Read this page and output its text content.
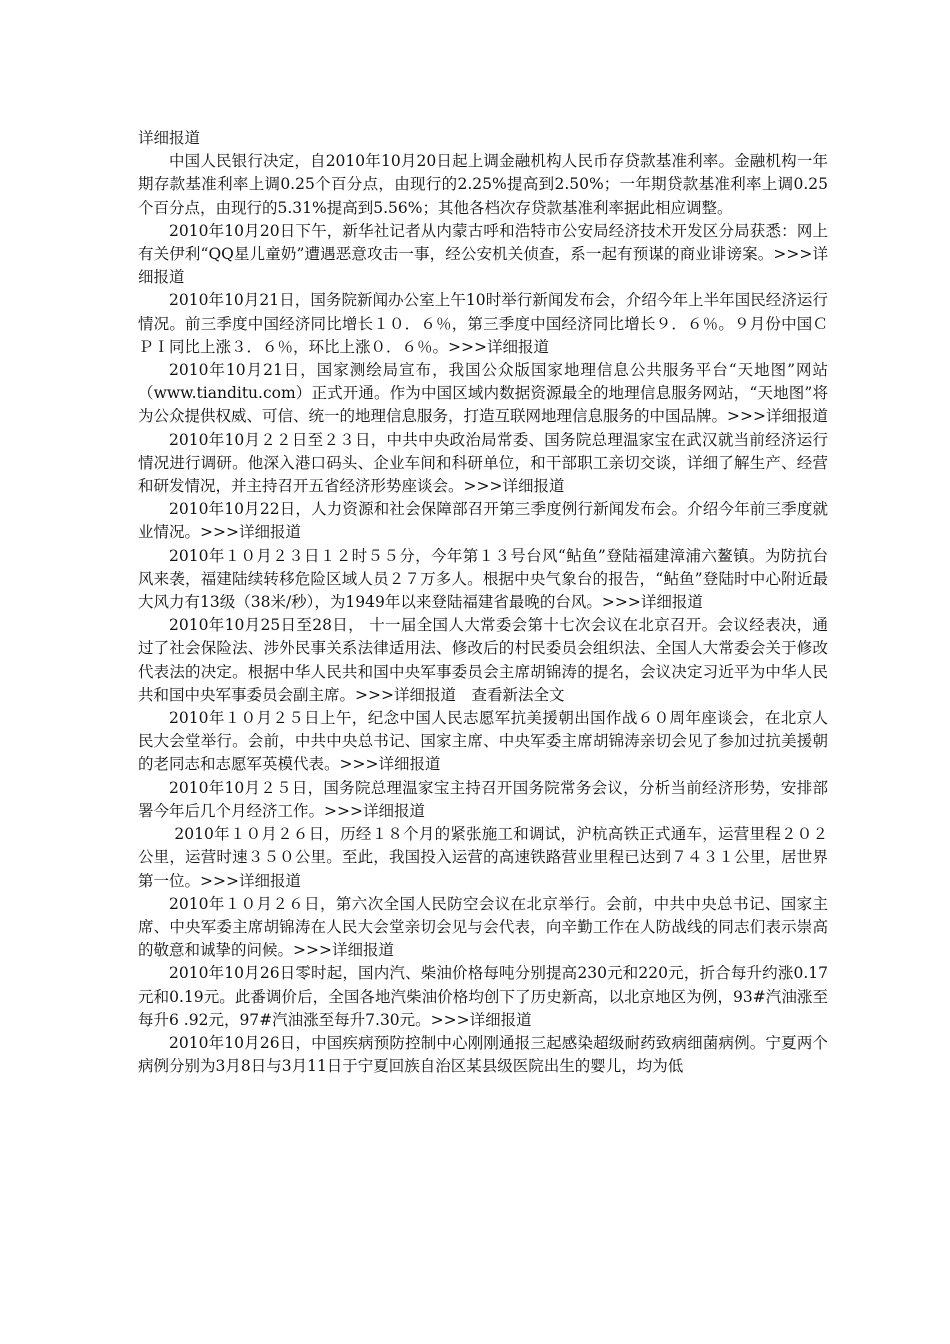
详细报道

中国人民银行决定，自2010年10月20日起上调金融机构人民币存贷款基准利率。金融机构一年期存款基准利率上调0.25个百分点，由现行的2.25%提高到2.50%；一年期贷款基准利率上调0.25个百分点，由现行的5.31%提高到5.56%；其他各档次存贷款基准利率据此相应调整。

2010年10月20日下午，新华社记者从内蒙古呼和浩特市公安局经济技术开发区分局获悉：网上有关伊利“QQ星儿童奶”遭遇恶意攻击一事，经公安机关侦查，系一起有预谋的商业诽谤案。>>>详细报道

2010年10月21日，国务院新闻办公室上午10时举行新闻发布会，介绍今年上半年国民经济运行情况。前三季度中国经济同比增长１０．６％，第三季度中国经济同比增长９．６％。９月份中国ＣＰＩ同比上涨３．６％，环比上涨０．６％。>>>详细报道

2010年10月21日，国家测绘局宣布，我国公众版国家地理信息公共服务平台“天地图”网站（www.tianditu.com）正式开通。作为中国区域内数据资源最全的地理信息服务网站，“天地图”将为公众提供权威、可信、统一的地理信息服务，打造互联网地理信息服务的中国品牌。>>>详细报道

2010年10月２２日至２３日，中共中央政治局常委、国务院总理温家宝在武汉就当前经济运行情况进行调研。他深入港口码头、企业车间和科研单位，和干部职工亲切交谈，详细了解生产、经营和研发情况，并主持召开五省经济形势座谈会。>>>详细报道

2010年10月22日，人力资源和社会保障部召开第三季度例行新闻发布会。介绍今年前三季度就业情况。>>>详细报道

2010年１０月２３日１２时５５分，今年第１３号台风“鲇鱼”登陆福建漳浦六鳌镇。为防抗台风来袭，福建陆续转移危险区域人员２７万多人。根据中央气象台的报告，“鲇鱼”登陆时中心附近最大风力有13级（38米/秒），为1949年以来登陆福建省最晚的台风。>>>详细报道

2010年10月25日至28日， 十一届全国人大常委会第十七次会议在北京召开。会议经表决，通过了社会保险法、涉外民事关系法律适用法、修改后的村民委员会组织法、全国人大常委会关于修改代表法的决定。根据中华人民共和国中央军事委员会主席胡锦涛的提名，会议决定习近平为中华人民共和国中央军事委员会副主席。>>>详细报道　查看新法全文

2010年１０月２５日上午，纪念中国人民志愿军抗美援朝出国作战６０周年座谈会，在北京人民大会堂举行。会前，中共中央总书记、国家主席、中央军委主席胡锦涛亲切会见了参加过抗美援朝的老同志和志愿军英模代表。>>>详细报道

2010年10月２５日，国务院总理温家宝主持召开国务院常务会议，分析当前经济形势，安排部署今年后几个月经济工作。>>>详细报道

2010年１０月２６日，历经１８个月的紧张施工和调试，沪杭高铁正式通车，运营里程２０２公里，运营时速３５０公里。至此，我国投入运营的高速铁路营业里程已达到７４３１公里，居世界第一位。>>>详细报道

2010年１０月２６日，第六次全国人民防空会议在北京举行。会前，中共中央总书记、国家主席、中央军委主席胡锦涛在人民大会堂亲切会见与会代表，向辛勤工作在人防战线的同志们表示崇高的敬意和诚挚的问候。>>>详细报道

2010年10月26日零时起，国内汽、柴油价格每吨分别提高230元和220元，折合每升约涨0.17元和0.19元。此番调价后，全国各地汽柴油价格均创下了历史新高，以北京地区为例，93#汽油涨至每升6 .92元，97#汽油涨至每升7.30元。>>>详细报道

2010年10月26日，中国疾病预防控制中心刚刚通报三起感染超级耐药致病细菌病例。宁夏两个病例分别为3月8日与3月11日于宁夏回族自治区某县级医院出生的婴儿，均为低
